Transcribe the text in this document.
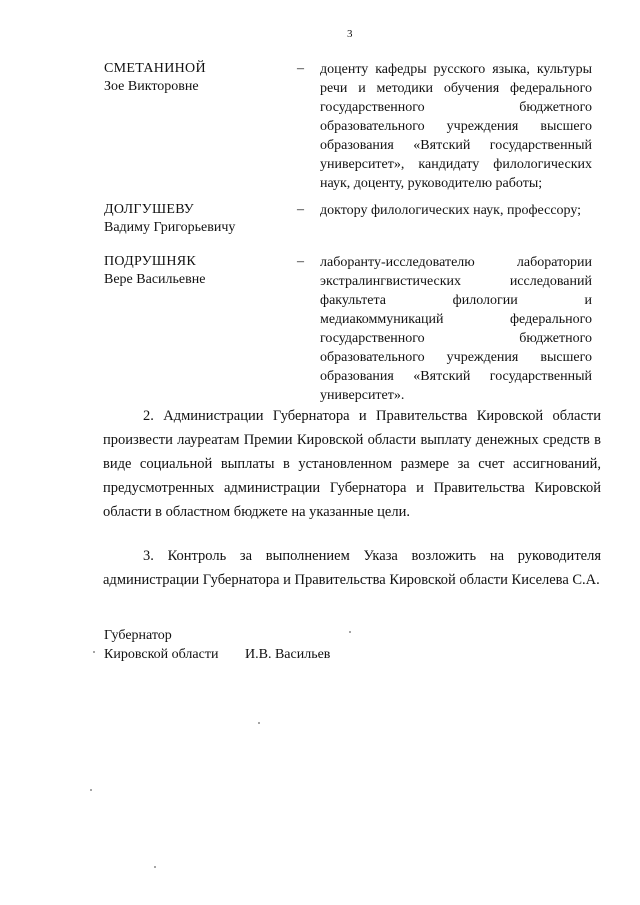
3
СМЕТАНИНОЙ
Зое Викторовне
– доценту кафедры русского языка, культуры речи и методики обучения федерального государственного бюджетного образовательного учреждения высшего образования «Вятский государственный университет», кандидату филологических наук, доценту, руководителю работы;
ДОЛГУШЕВУ
Вадиму Григорьевичу
– доктору филологических наук, профессору;
ПОДРУШНЯК
Вере Васильевне
– лаборанту-исследователю лаборатории экстралингвистических исследований факультета филологии и медиакоммуникаций федерального государственного бюджетного образовательного учреждения высшего образования «Вятский государственный университет».

2. Администрации Губернатора и Правительства Кировской области произвести лауреатам Премии Кировской области выплату денежных средств в виде социальной выплаты в установленном размере за счет ассигнований, предусмотренных администрации Губернатора и Правительства Кировской области в областном бюджете на указанные цели.

3. Контроль за выполнением Указа возложить на руководителя администрации Губернатора и Правительства Кировской области Киселева С.А.

Губернатор
Кировской области И.В. Васильев
